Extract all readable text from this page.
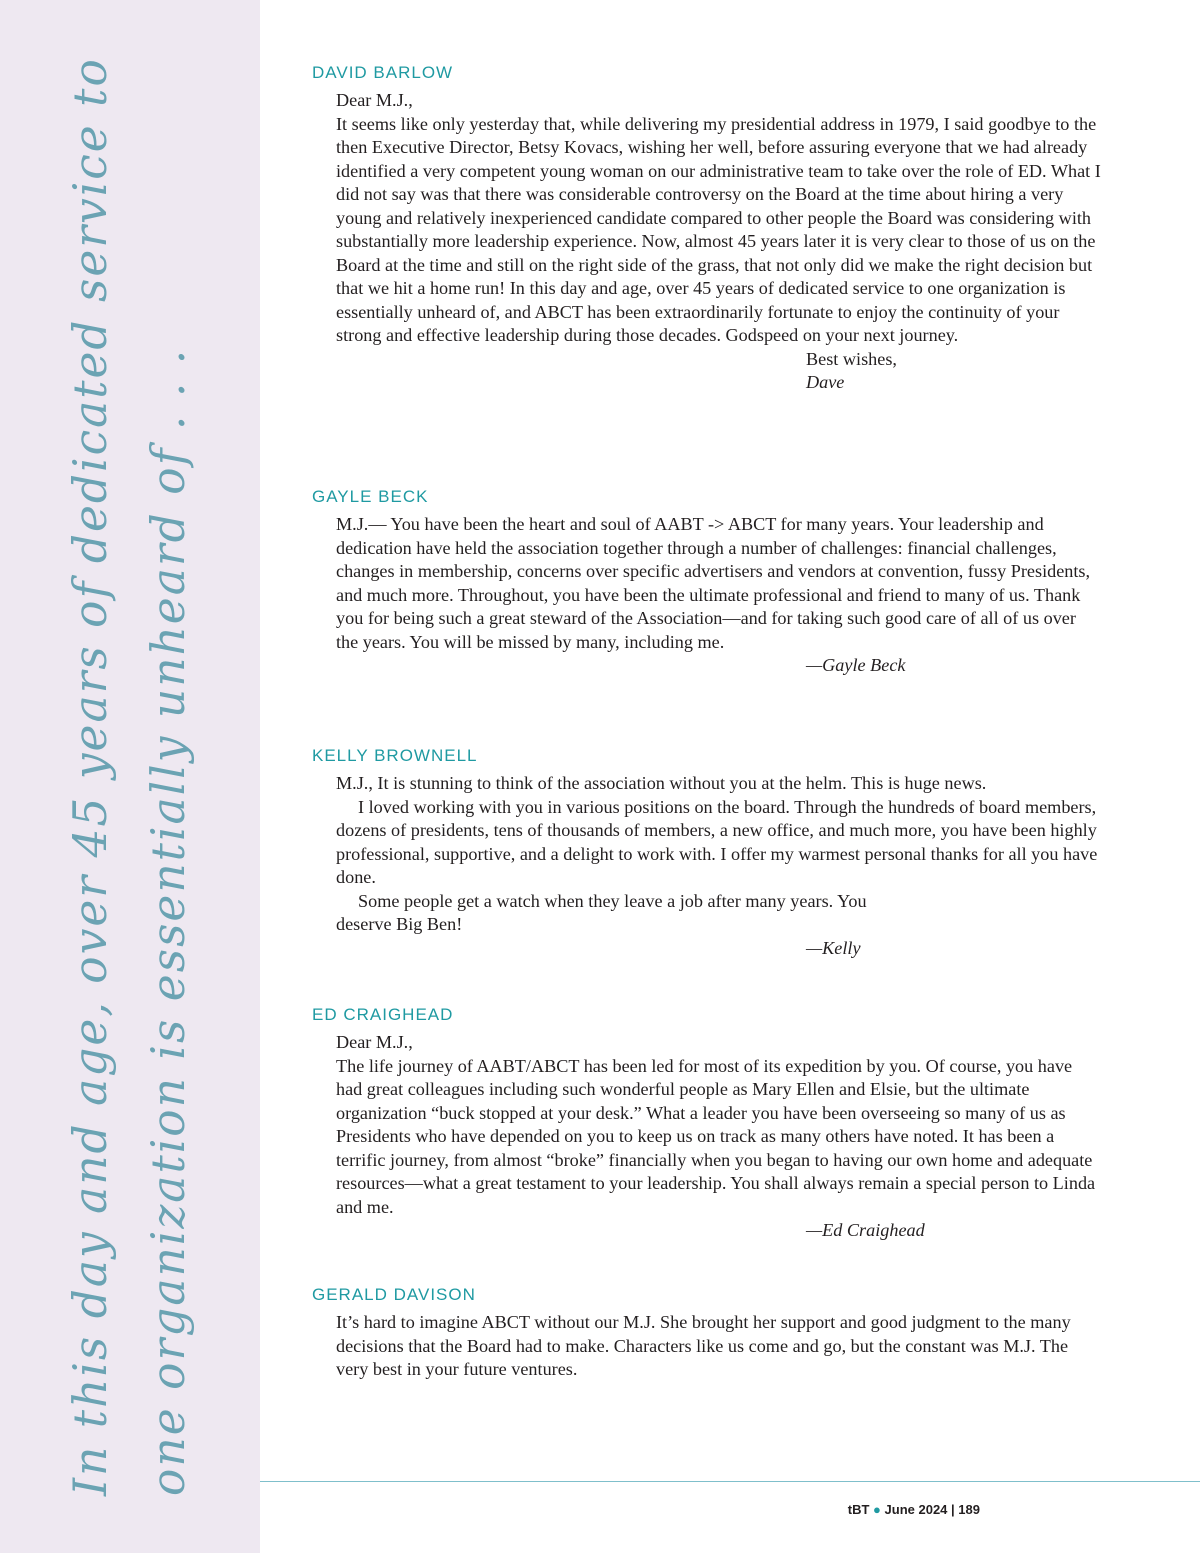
In this day and age, over 45 years of dedicated service to one organization is essentially unheard of . . .
DAVID BARLOW

Dear M.J.,

It seems like only yesterday that, while delivering my presidential address in 1979, I said goodbye to the then Executive Director, Betsy Kovacs, wishing her well, before assuring everyone that we had already identified a very competent young woman on our administrative team to take over the role of ED. What I did not say was that there was considerable controversy on the Board at the time about hiring a very young and relatively inexperienced candidate compared to other people the Board was considering with substantially more leadership experience. Now, almost 45 years later it is very clear to those of us on the Board at the time and still on the right side of the grass, that not only did we make the right decision but that we hit a home run! In this day and age, over 45 years of dedicated service to one organization is essentially unheard of, and ABCT has been extraordinarily fortunate to enjoy the continuity of your strong and effective leadership during those decades. Godspeed on your next journey.

Best wishes,

Dave

GAYLE BECK

M.J.— You have been the heart and soul of AABT -> ABCT for many years. Your leadership and dedication have held the association together through a number of challenges: financial challenges, changes in membership, concerns over specific advertisers and vendors at convention, fussy Presidents, and much more. Throughout, you have been the ultimate professional and friend to many of us. Thank you for being such a great steward of the Association—and for taking such good care of all of us over the years. You will be missed by many, including me.

—Gayle Beck

KELLY BROWNELL

M.J., It is stunning to think of the association without you at the helm. This is huge news.

I loved working with you in various positions on the board. Through the hundreds of board members, dozens of presidents, tens of thousands of members, a new office, and much more, you have been highly professional, supportive, and a delight to work with. I offer my warmest personal thanks for all you have done.

Some people get a watch when they leave a job after many years. You deserve Big Ben!

—Kelly

ED CRAIGHEAD

Dear M.J.,

The life journey of AABT/ABCT has been led for most of its expedition by you. Of course, you have had great colleagues including such wonderful people as Mary Ellen and Elsie, but the ultimate organization “buck stopped at your desk.” What a leader you have been overseeing so many of us as Presidents who have depended on you to keep us on track as many others have noted. It has been a terrific journey, from almost “broke” financially when you began to having our own home and adequate resources—what a great testament to your leadership. You shall always remain a special person to Linda and me.

—Ed Craighead

GERALD DAVISON

It’s hard to imagine ABCT without our M.J. She brought her support and good judgment to the many decisions that the Board had to make. Characters like us come and go, but the constant was M.J. The very best in your future ventures.

tBT ● June 2024 | 189
